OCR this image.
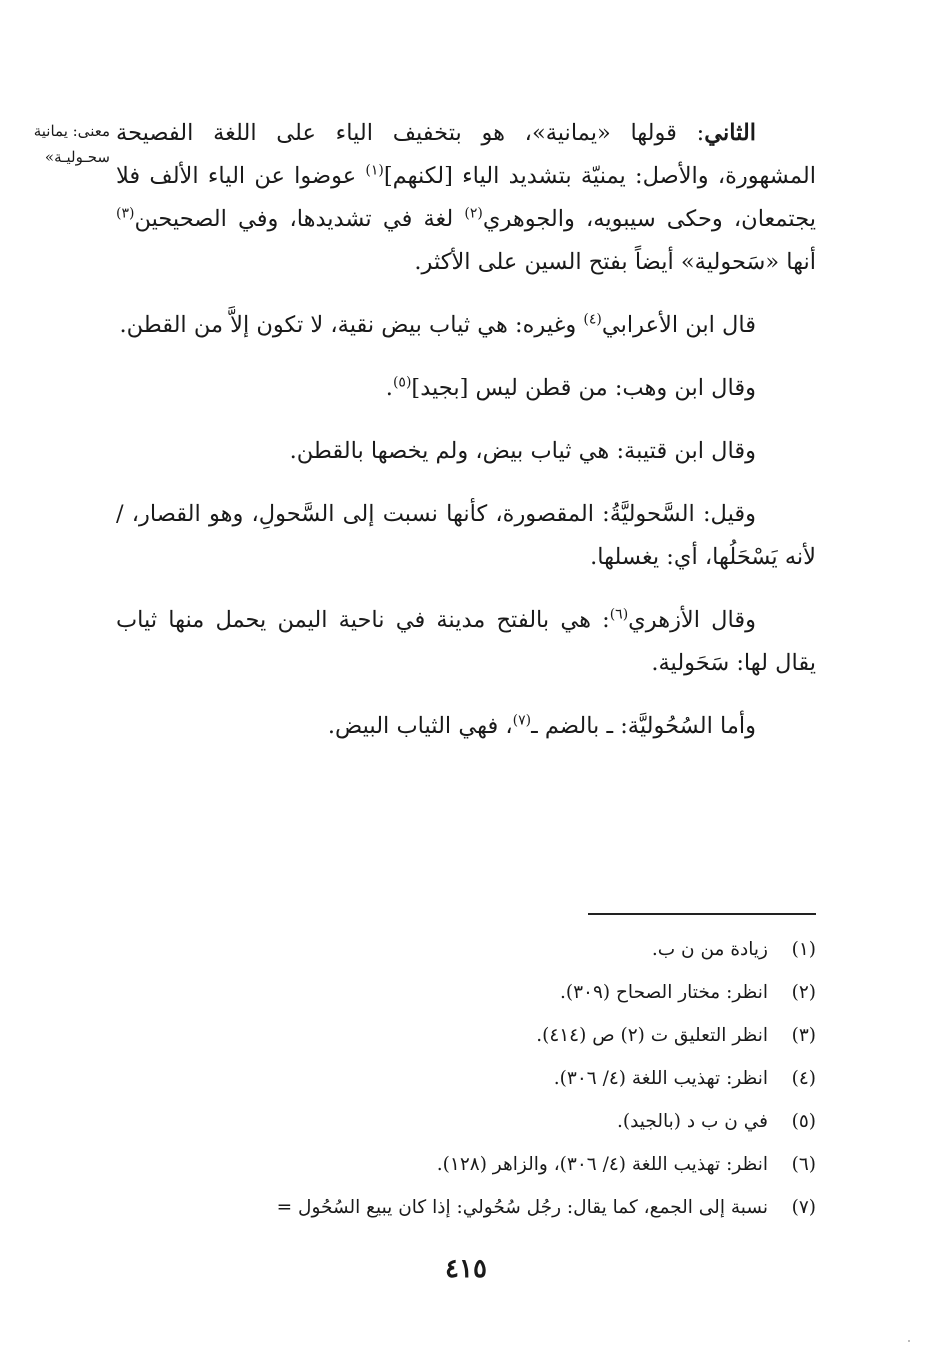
معنى: يمانية
سحـوليـة»

الثاني: قولها «يمانية»، هو بتخفيف الياء على اللغة الفصيحة المشهورة، والأصل: يمنيّة بتشديد الياء [لكنهم]$^{(١)}$ عوضوا عن الياء الألف فلا يجتمعان، وحكى سيبويه، والجوهري$^{(٢)}$ لغة في تشديدها، وفي الصحيحين$^{(٣)}$ أنها «سَحولية» أيضاً بفتح السين على الأكثر.

قال ابن الأعرابي$^{(٤)}$ وغيره: هي ثياب بيض نقية، لا تكون إلاَّ من القطن.

وقال ابن وهب: من قطن ليس [بجيد]$^{(٥)}$.

وقال ابن قتيبة: هي ثياب بيض، ولم يخصها بالقطن.

وقيل: السَّحوليَّةُ: المقصورة، كأنها نسبت إلى السَّحولِ، وهو القصار، / لأنه يَسْحَلُها، أي: يغسلها.

وقال الأزهري$^{(٦)}$: هي بالفتح مدينة في ناحية اليمن يحمل منها ثياب يقال لها: سَحَولية.

وأما السُحُوليَّة: ـ بالضم ـ$^{(٧)}$، فهي الثياب البيض.

(١)
زيادة من ن ب.
(٢)
انظر: مختار الصحاح (٣٠٩).
(٣)
انظر التعليق ت (٢) ص (٤١٤).
(٤)
انظر: تهذيب اللغة (٤/ ٣٠٦).
(٥)
في ن ب د (بالجيد).
(٦)
انظر: تهذيب اللغة (٤/ ٣٠٦)، والزاهر (١٢٨).
(٧)
نسبة إلى الجمع، كما يقال: رجُل سُحُولي: إذا كان يبيع السُحُول =
٤١٥
